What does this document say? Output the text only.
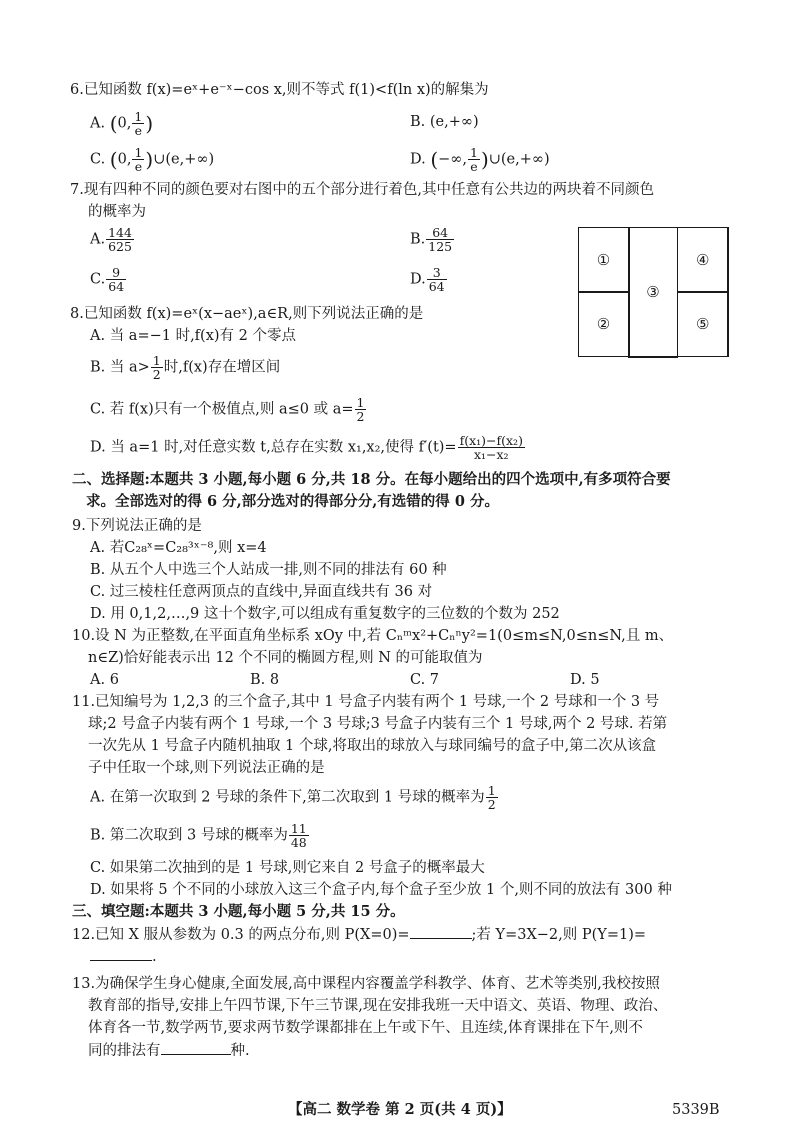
6.已知函数 f(x)=eˣ+e⁻ˣ−cos x,则不等式 f(1)<f(ln x)的解集为
A. (0, $\frac{1}{e}$ )	B. (e,+∞)
C. (0, $\frac{1}{e}$ )∪(e,+∞)	D. (−∞, $\frac{1}{e}$ )∪(e,+∞)
7.现有四种不同的颜色要对右图中的五个部分进行着色,其中任意有公共边的两块着不同颜色
的概率为
A. $\frac{144}{625}$	B. $\frac{64}{125}$
C. $\frac{9}{64}$	D. $\frac{3}{64}$
①
②
③
④
⑤
8.已知函数 f(x)=eˣ(x−aeˣ),a∈R,则下列说法正确的是
A. 当 a=−1 时,f(x)有 2 个零点
B. 当 $a> \frac{1}{2}$ 时,f(x)存在增区间
C. 若 f(x)只有一个极值点,则 a≤0 或 $a= \frac{1}{2}$
D. 当 a=1 时,对任意实数 t,总存在实数 x₁,x₂,使得 $f'(t)= \frac{\text{f(x₁)−f(x₂)}}{\text{x₁−x₂}}$
二、选择题:本题共 3 小题,每小题 6 分,共 18 分。在每小题给出的四个选项中,有多项符合要
求。全部选对的得 6 分,部分选对的得部分分,有选错的得 0 分。
9.下列说法正确的是
A. 若C₂₈ˣ=C₂₈³ˣ⁻⁸,则 x=4
B. 从五个人中选三个人站成一排,则不同的排法有 60 种
C. 过三棱柱任意两顶点的直线中,异面直线共有 36 对
D. 用 0,1,2,…,9 这十个数字,可以组成有重复数字的三位数的个数为 252
10.设 N 为正整数,在平面直角坐标系 xOy 中,若 Cₙᵐx²+Cₙⁿy²=1(0≤m≤N,0≤n≤N,且 m、
n∈Z)恰好能表示出 12 个不同的椭圆方程,则 N 的可能取值为
A. 6	B. 8	C. 7	D. 5
11.已知编号为 1,2,3 的三个盒子,其中 1 号盒子内装有两个 1 号球,一个 2 号球和一个 3 号
球;2 号盒子内装有两个 1 号球,一个 3 号球;3 号盒子内装有三个 1 号球,两个 2 号球. 若第
一次先从 1 号盒子内随机抽取 1 个球,将取出的球放入与球同编号的盒子中,第二次从该盒
子中任取一个球,则下列说法正确的是
A. 在第一次取到 2 号球的条件下,第二次取到 1 号球的概率为 $\frac{1}{2}$
B. 第二次取到 3 号球的概率为 $\frac{11}{48}$
C. 如果第二次抽到的是 1 号球,则它来自 2 号盒子的概率最大
D. 如果将 5 个不同的小球放入这三个盒子内,每个盒子至少放 1 个,则不同的放法有 300 种
三、填空题:本题共 3 小题,每小题 5 分,共 15 分。
12.已知 X 服从参数为 0.3 的两点分布,则 P(X=0)=	;若 Y=3X−2,则 P(Y=1)=
.
13.为确保学生身心健康,全面发展,高中课程内容覆盖学科教学、体育、艺术等类别,我校按照
教育部的指导,安排上午四节课,下午三节课,现在安排我班一天中语文、英语、物理、政治、
体育各一节,数学两节,要求两节数学课都排在上午或下午、且连续,体育课排在下午,则不
同的排法有	种.
【高二 数学卷 第 2 页(共 4 页)】	5339B
